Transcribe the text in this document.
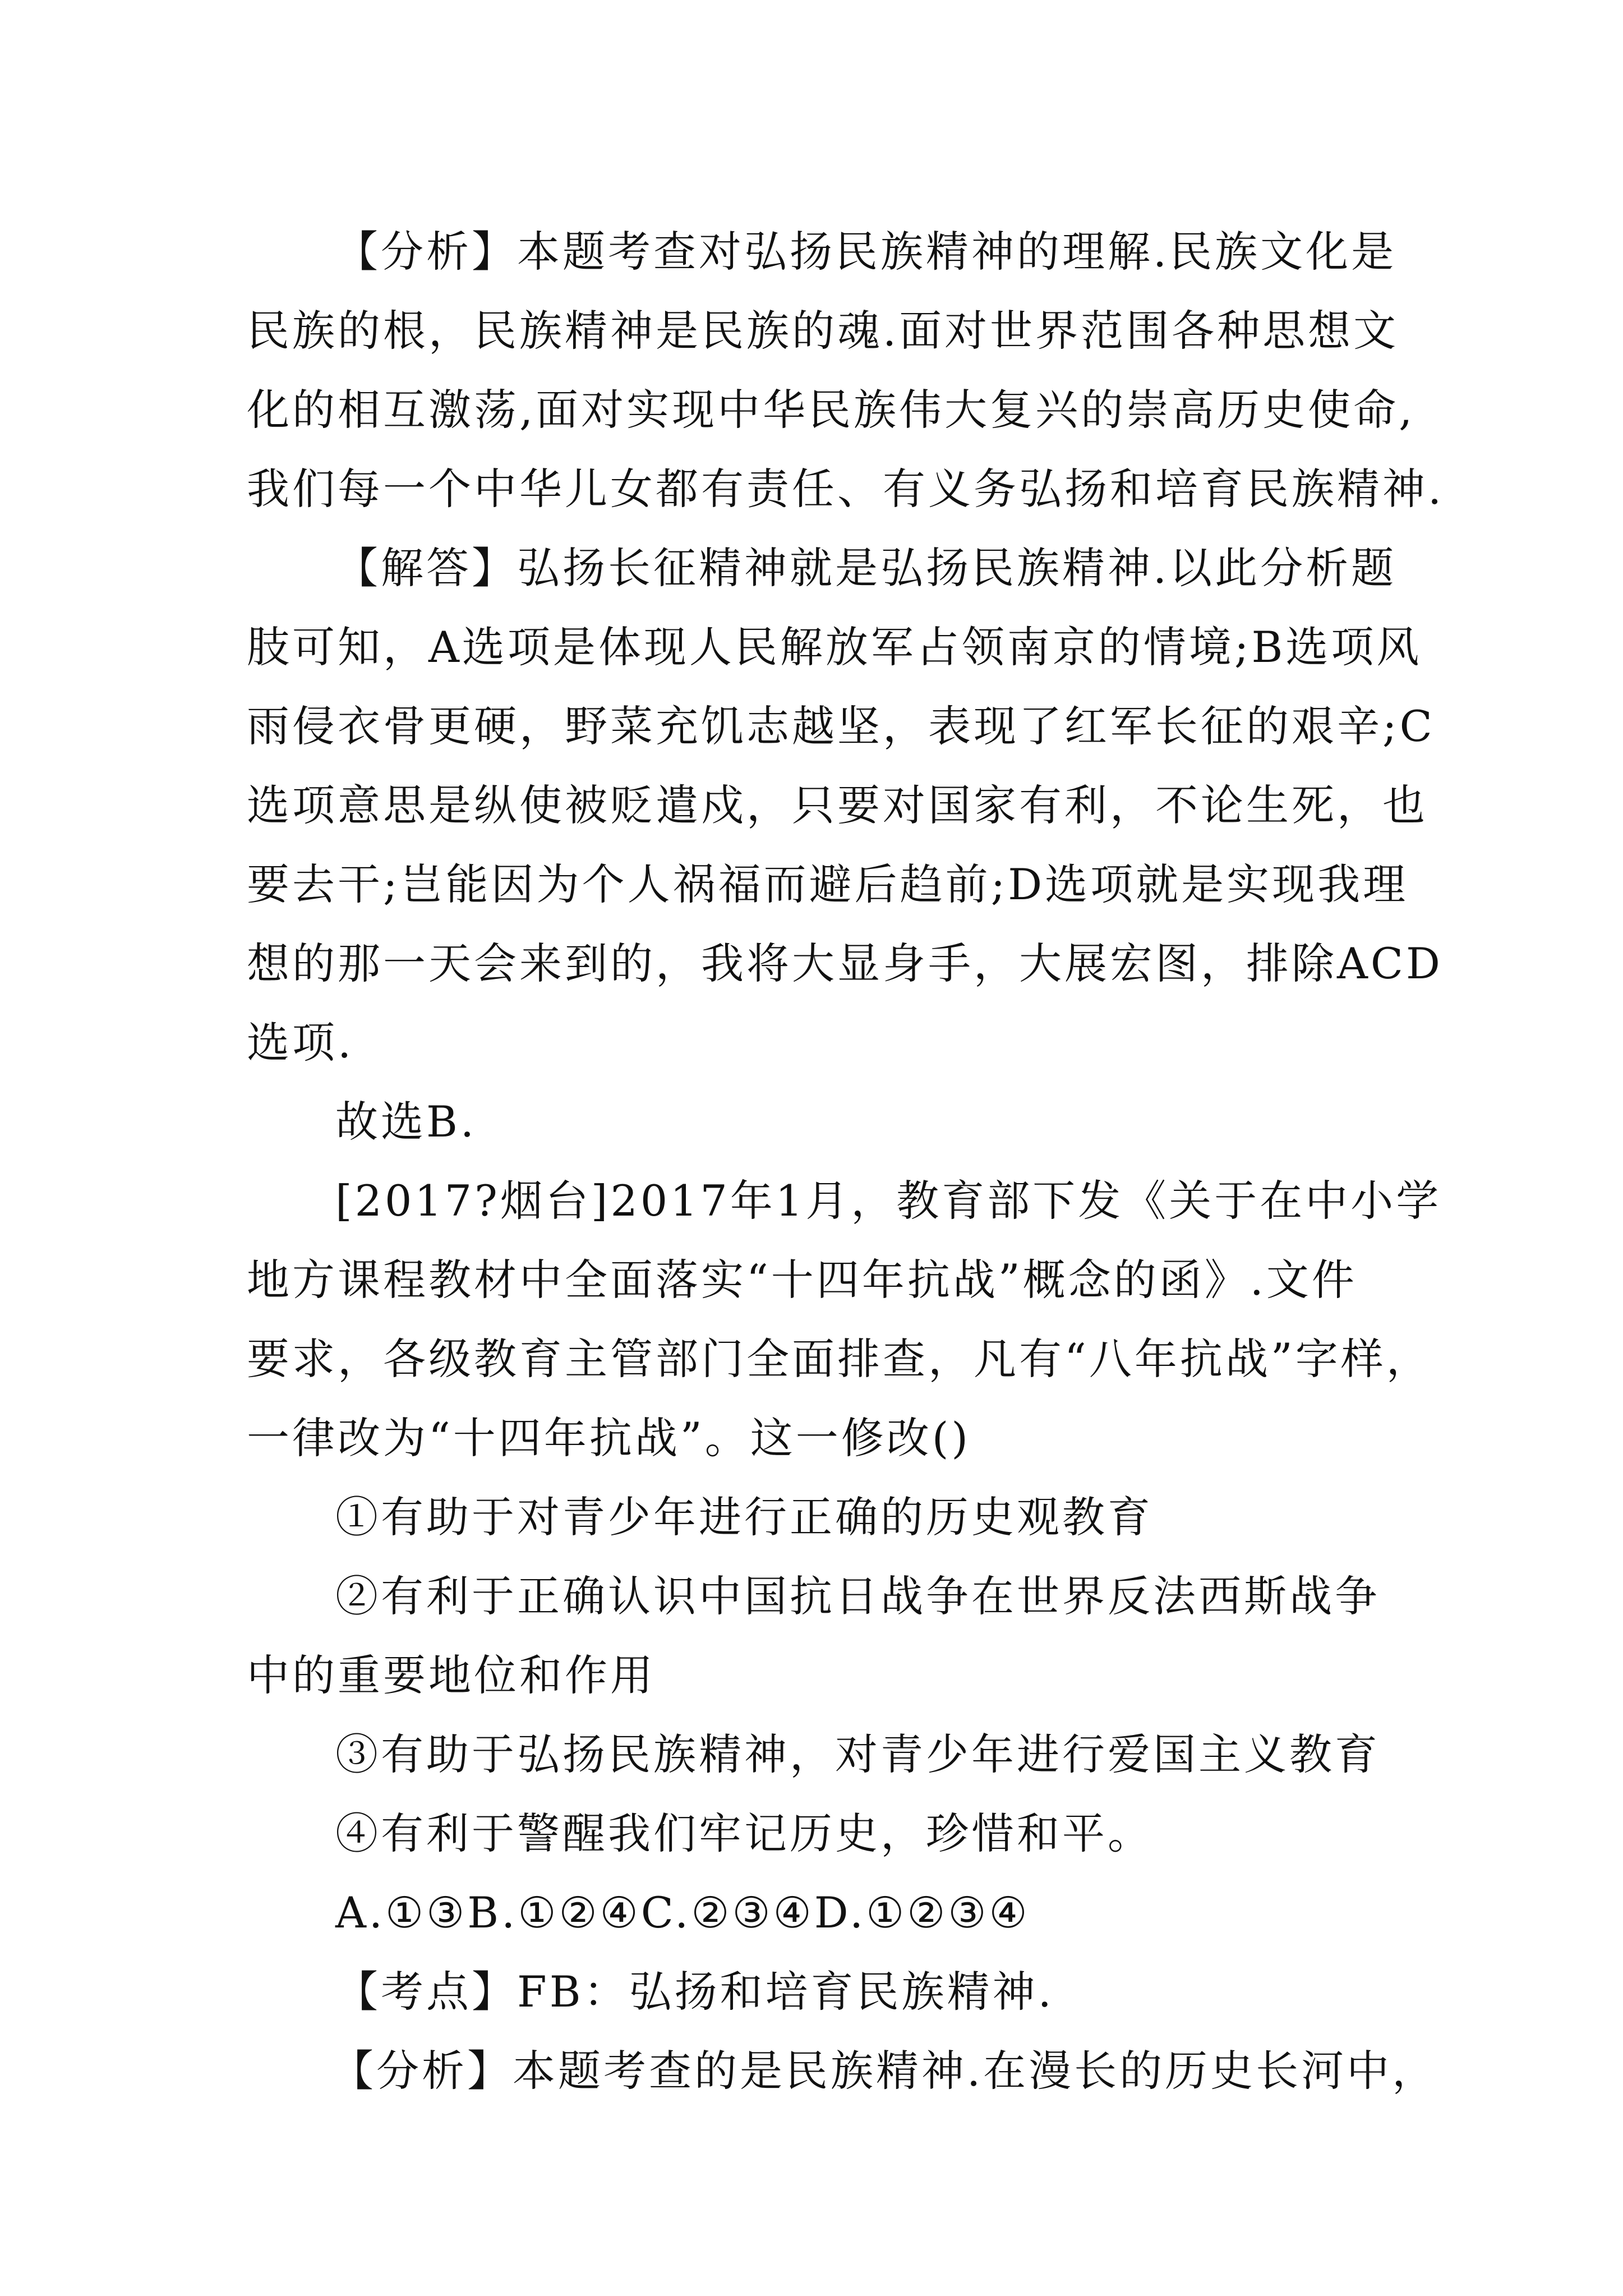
【分析】本题考查对弘扬民族精神的理解.民族文化是
民族的根，民族精神是民族的魂.面对世界范围各种思想文
化的相互激荡,面对实现中华民族伟大复兴的崇高历史使命,
我们每一个中华儿女都有责任、有义务弘扬和培育民族精神.
【解答】弘扬长征精神就是弘扬民族精神.以此分析题
肢可知，A选项是体现人民解放军占领南京的情境;B选项风
雨侵衣骨更硬，野菜充饥志越坚，表现了红军长征的艰辛;C
选项意思是纵使被贬遣戍，只要对国家有利，不论生死，也
要去干;岂能因为个人祸福而避后趋前;D选项就是实现我理
想的那一天会来到的，我将大显身手，大展宏图，排除ACD
选项.
故选B.
[2017?烟台]2017年1月，教育部下发《关于在中小学
地方课程教材中全面落实“十四年抗战”概念的函》.文件
要求，各级教育主管部门全面排查，凡有“八年抗战”字样，
一律改为“十四年抗战”。这一修改()
①有助于对青少年进行正确的历史观教育
②有利于正确认识中国抗日战争在世界反法西斯战争
中的重要地位和作用
③有助于弘扬民族精神，对青少年进行爱国主义教育
④有利于警醒我们牢记历史，珍惜和平。
A.①③B.①②④C.②③④D.①②③④
【考点】FB：弘扬和培育民族精神.
【分析】本题考查的是民族精神.在漫长的历史长河中，
